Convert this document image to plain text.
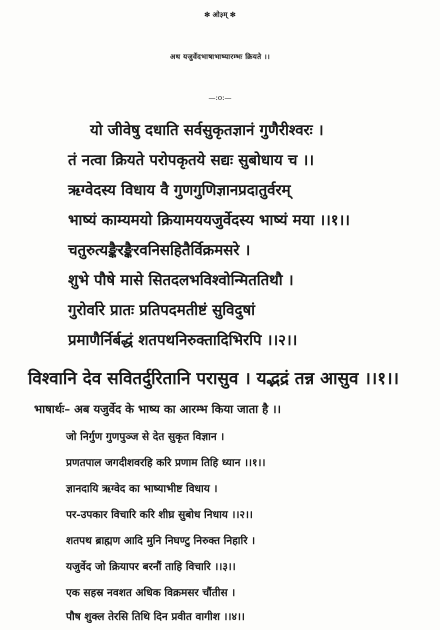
✻ ओ३म् ✻
अथ यजुर्वेदभाषाभाष्यारम्भः क्रियते ।।
—:o:—
यो जीवेषु दधाति सर्वसुकृतज्ञानं गुणैरीश्वरः ।
तं नत्वा क्रियते परोपकृतये सद्यः सुबोधाय च ।।
ऋग्वेदस्य विधाय वै गुणगुणिज्ञानप्रदातुर्वरम्
भाष्यं काम्यमयो क्रियामययजुर्वेदस्य भाष्यं मया ।।१।।
चतुरुत्यङ्कैरङ्कैरवनिसहितैर्विक्रमसरे ।
शुभे पौषे मासे सितदलभविश्वोन्मिततिथौ ।
गुरोर्वारे प्रातः प्रतिपदमतीष्टं सुविदुषां
प्रमाणैर्निर्बद्धं शतपथनिरुक्तादिभिरपि ।।२।।
विश्वानि देव सवितर्दुरितानि परासुव । यद्भद्रं तन्न आसुव ।।१।।
भाषार्थः– अब यजुर्वेद के भाष्य का आरम्भ किया जाता है ।।
जो निर्गुण गुणपुञ्ज से देत सुकृत विज्ञान ।
प्रणतपाल जगदीशवरहि करि प्रणाम तिहि ध्यान ।।१।।
ज्ञानदायि ऋग्वेद का भाष्याभीष्ट विधाय ।
पर-उपकार विचारि करि शीघ्र सुबोध निधाय ।।२।।
शतपथ ब्राह्मण आदि मुनि निघण्टु निरुक्त निहारि ।
यजुर्वेद जो क्रियापर बरनौं ताहि विचारि ।।३।।
एक सहस्र नवशत अधिक विक्रमसर चौंतीस ।
पौष शुक्ल तेरसि तिथि दिन प्रवीत वागीश ।।४।।
